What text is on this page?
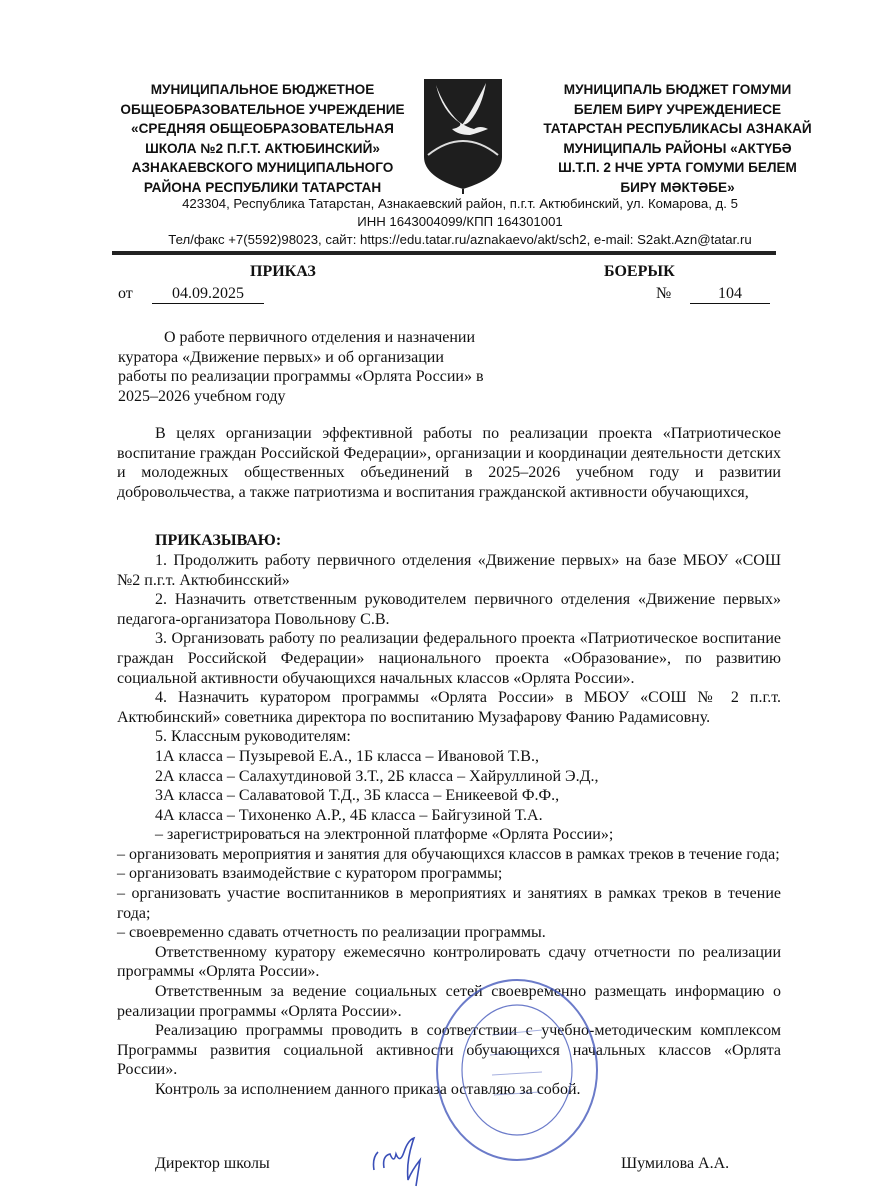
МУНИЦИПАЛЬНОЕ БЮДЖЕТНОЕ
ОБЩЕОБРАЗОВАТЕЛЬНОЕ УЧРЕЖДЕНИЕ
«СРЕДНЯЯ ОБЩЕОБРАЗОВАТЕЛЬНАЯ
ШКОЛА №2 П.Г.Т. АКТЮБИНСКИЙ»
АЗНАКАЕВСКОГО МУНИЦИПАЛЬНОГО
РАЙОНА РЕСПУБЛИКИ ТАТАРСТАН
МУНИЦИПАЛЬ БЮДЖЕТ ГОМУМИ
БЕЛЕМ БИРҮ УЧРЕЖДЕНИЕСЕ
ТАТАРСТАН РЕСПУБЛИКАСЫ АЗНАКАЙ
МУНИЦИПАЛЬ РАЙОНЫ «АКТҮБӘ
Ш.Т.П. 2 НЧЕ УРТА ГОМУМИ БЕЛЕМ
БИРҮ МӘКТӘБЕ»
423304, Республика Татарстан, Азнакаевский район, п.г.т. Актюбинский, ул. Комарова, д. 5
ИНН 1643004099/КПП 164301001
Тел/факс +7(5592)98023, сайт: https://edu.tatar.ru/aznakaevo/akt/sch2, e-mail: S2akt.Azn@tatar.ru
ПРИКАЗ	БОЕРЫК
от	04.09.2025	№	104
О работе первичного отделения и назначении
куратора «Движение первых» и об организации
работы по реализации программы «Орлята России» в
2025–2026 учебном году

В целях организации эффективной работы по реализации проекта «Патриотическое воспитание граждан Российской Федерации», организации и координации деятельности детских и молодежных общественных объединений в 2025–2026 учебном году и развитии добровольчества, а также патриотизма и воспитания гражданской активности обучающихся,

ПРИКАЗЫВАЮ:

1. Продолжить работу первичного отделения «Движение первых» на базе МБОУ «СОШ №2 п.г.т. Актюбинсский»

2. Назначить ответственным руководителем первичного отделения «Движение первых» педагога-организатора Повольнову С.В.

3. Организовать работу по реализации федерального проекта «Патриотическое воспитание граждан Российской Федерации» национального проекта «Образование», по развитию социальной активности обучающихся начальных классов «Орлята России».

4. Назначить куратором программы «Орлята России» в МБОУ «СОШ № 2 п.г.т. Актюбинский» советника директора по воспитанию Музафарову Фанию Радамисовну.

5. Классным руководителям:

1А класса – Пузыревой Е.А., 1Б класса – Ивановой Т.В.,

2А класса – Салахутдиновой З.Т., 2Б класса – Хайруллиной Э.Д.,

3А класса – Салаватовой Т.Д., 3Б класса – Еникеевой Ф.Ф.,

4А класса – Тихоненко А.Р., 4Б класса – Байгузиной Т.А.

– зарегистрироваться на электронной платформе «Орлята России»;

– организовать мероприятия и занятия для обучающихся классов в рамках треков в течение года;

– организовать взаимодействие с куратором программы;

– организовать участие воспитанников в мероприятиях и занятиях в рамках треков в течение года;

– своевременно сдавать отчетность по реализации программы.

Ответственному куратору ежемесячно контролировать сдачу отчетности по реализации программы «Орлята России».

Ответственным за ведение социальных сетей своевременно размещать информацию о реализации программы «Орлята России».

Реализацию программы проводить в соответствии с учебно-методическим комплексом Программы развития социальной активности обучающихся начальных классов «Орлята России».

Контроль за исполнением данного приказа оставляю за собой.

Директор школы	Шумилова А.А.
